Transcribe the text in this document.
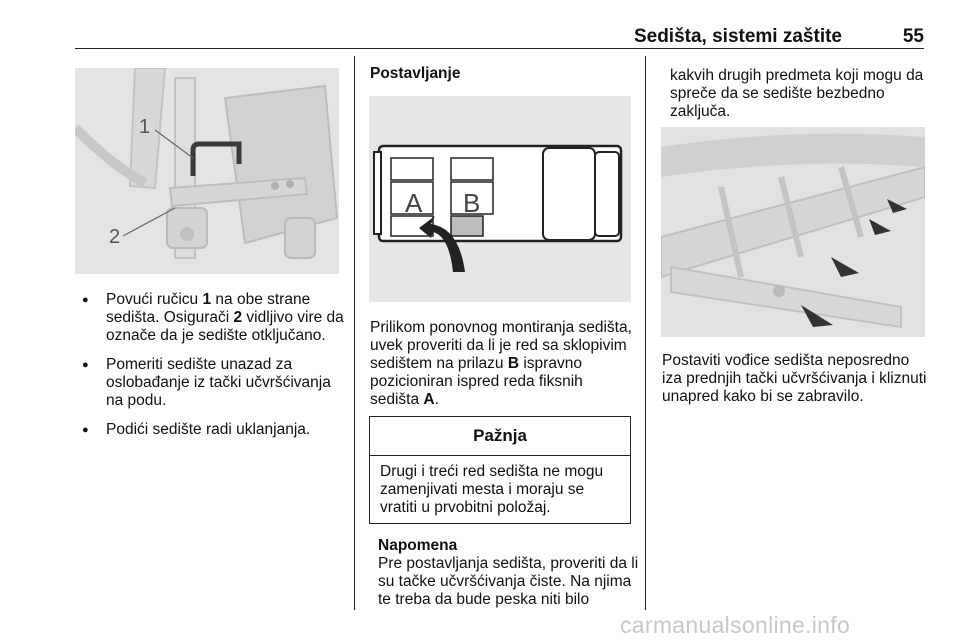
Sedišta, sistemi zaštite	55
1
2
● Povući ručicu 1 na obe strane sedišta. Osigurači 2 vidljivo vire da označe da je sedište otključano.
● Pomeriti sedište unazad za oslobađanje iz tački učvršćivanja na podu.
● Podići sedište radi uklanjanja.
Postavljanje
A B
Prilikom ponovnog montiranja sedišta, uvek proveriti da li je red sa sklopivim sedištem na prilazu B ispravno pozicioniran ispred reda fiksnih sedišta A.
Pažnja
Drugi i treći red sedišta ne mogu zamenjivati mesta i moraju se vratiti u prvobitni položaj.
Napomena
Pre postavljanja sedišta, proveriti da li su tačke učvršćivanja čiste. Na njima te treba da bude peska niti bilo
kakvih drugih predmeta koji mogu da spreče da se sedište bezbedno zaključa.
Postaviti vođice sedišta neposredno iza prednjih tački učvršćivanja i kliznuti unapred kako bi se zabravilo.
carmanualsonline.info
